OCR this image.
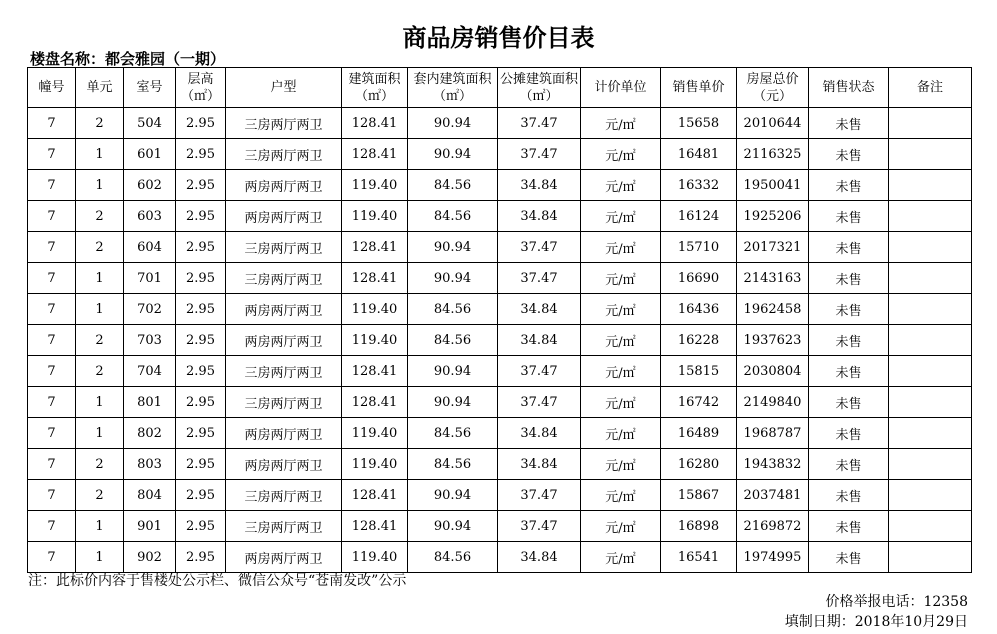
商品房销售价目表
楼盘名称：都会雅园（一期）
幢号	单元	室号	层高（㎡）	户型	建筑面积（㎡）	套内建筑面积（㎡）	公摊建筑面积（㎡）	计价单位	销售单价	房屋总价（元）	销售状态	备注
7	2	504	2.95	三房两厅两卫	128.41	90.94	37.47	元/㎡	15658	2010644	未售	
7	1	601	2.95	三房两厅两卫	128.41	90.94	37.47	元/㎡	16481	2116325	未售	
7	1	602	2.95	两房两厅两卫	119.40	84.56	34.84	元/㎡	16332	1950041	未售	
7	2	603	2.95	两房两厅两卫	119.40	84.56	34.84	元/㎡	16124	1925206	未售	
7	2	604	2.95	三房两厅两卫	128.41	90.94	37.47	元/㎡	15710	2017321	未售	
7	1	701	2.95	三房两厅两卫	128.41	90.94	37.47	元/㎡	16690	2143163	未售	
7	1	702	2.95	两房两厅两卫	119.40	84.56	34.84	元/㎡	16436	1962458	未售	
7	2	703	2.95	两房两厅两卫	119.40	84.56	34.84	元/㎡	16228	1937623	未售	
7	2	704	2.95	三房两厅两卫	128.41	90.94	37.47	元/㎡	15815	2030804	未售	
7	1	801	2.95	三房两厅两卫	128.41	90.94	37.47	元/㎡	16742	2149840	未售	
7	1	802	2.95	两房两厅两卫	119.40	84.56	34.84	元/㎡	16489	1968787	未售	
7	2	803	2.95	两房两厅两卫	119.40	84.56	34.84	元/㎡	16280	1943832	未售	
7	2	804	2.95	三房两厅两卫	128.41	90.94	37.47	元/㎡	15867	2037481	未售	
7	1	901	2.95	三房两厅两卫	128.41	90.94	37.47	元/㎡	16898	2169872	未售	
7	1	902	2.95	两房两厅两卫	119.40	84.56	34.84	元/㎡	16541	1974995	未售	
注：此标价内容于售楼处公示栏、微信公众号“苍南发改”公示
价格举报电话：12358
填制日期：2018年10月29日
